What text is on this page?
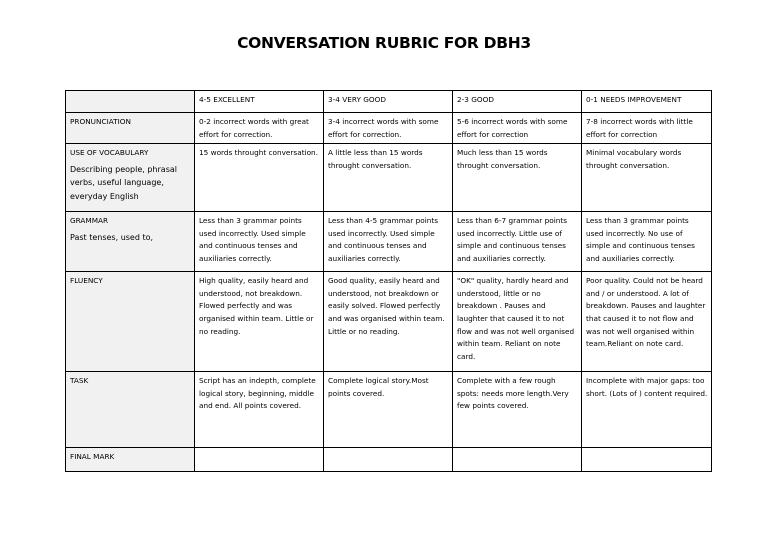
CONVERSATION RUBRIC FOR DBH3
	4-5 EXCELLENT	3-4 VERY GOOD	2-3 GOOD	0-1 NEEDS IMPROVEMENT

PRONUNCIATION	0-2 incorrect words with great effort for correction.	3-4 incorrect words with some effort for correction.	5-6 incorrect words with some effort for correction	7-8 incorrect words with little effort for correction

USE OF VOCABULARY
Describing people, phrasal verbs, useful language, everyday English	15 words throught conversation.	A little less than 15 words throught conversation.	Much less than 15 words throught conversation.	Minimal vocabulary words throught conversation.

GRAMMAR
Past tenses, used to,	Less than 3 grammar points used incorrectly. Used simple and continuous tenses and auxiliaries correctly.	Less than 4-5 grammar points used incorrectly. Used simple and continuous tenses and auxiliaries correctly.	Less than 6-7 grammar points used incorrectly. Little use of simple and continuous tenses and auxiliaries correctly.	Less than 3 grammar points used incorrectly. No use of simple and continuous tenses and auxiliaries correctly.

FLUENCY	High quality, easily heard and understood, not breakdown. Flowed perfectly and was organised within team. Little or no reading.	Good quality, easily heard and understood, not breakdown or easily solved. Flowed perfectly and was organised within team. Little or no reading.	"OK" quality, hardly heard and understood, little or no breakdown . Pauses and laughter that caused it to not flow and was not well organised within team. Reliant on note card.	Poor quality. Could not be heard and / or understood. A lot of breakdown. Pauses and laughter that caused it to not flow and was not well organised within team.Reliant on note card.

TASK	Script has an indepth, complete logical story, beginning, middle and end. All points covered.	Complete logical story.Most points covered.	Complete with a few rough spots: needs more length.Very few points covered.	Incomplete with major gaps: too short. (Lots of ) content required.

FINAL MARK				
